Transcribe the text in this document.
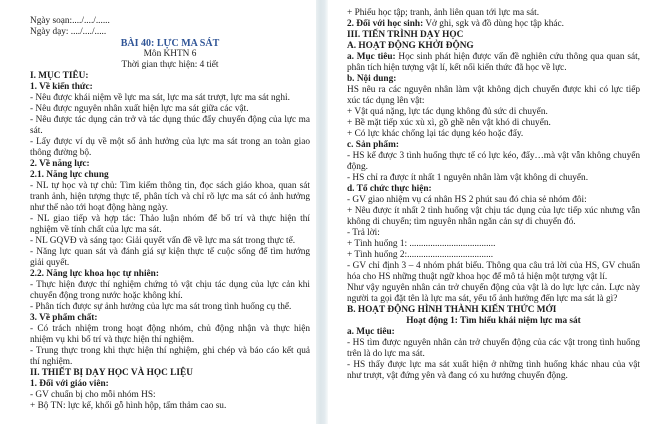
Ngày soạn:..../..../......

Ngày dạy: ..../..../.....

BÀI 40: LỰC MA SÁT

Môn KHTN 6

Thời gian thực hiện: 4 tiết

I. MỤC TIÊU:

1. Về kiến thức:

- Nêu được khái niệm về lực ma sát, lực ma sát trượt, lực ma sát nghỉ.

- Nêu được nguyên nhân xuất hiện lực ma sát giữa các vật.

- Nêu được tác dụng cản trở và tác dụng thúc đẩy chuyển động của lực ma sát.

- Lấy được ví dụ về một số ảnh hưởng của lực ma sát trong an toàn giao thông đường bộ.

2. Về năng lực:

2.1. Năng lực chung

- NL tự học và tự chủ: Tìm kiếm thông tin, đọc sách giáo khoa, quan sát tranh ảnh, hiện tượng thực tế, phân tích và chỉ rõ lực ma sát có ảnh hưởng như thế nào tới hoạt động hàng ngày.

- NL giao tiếp và hợp tác: Thảo luận nhóm để bố trí và thực hiện thí nghiệm về tính chất của lực ma sát.

- NL GQVĐ và sáng tạo: Giải quyết vấn đề về lực ma sát trong thực tế.

- Năng lực quan sát và đánh giá sự kiện thực tế cuộc sống để tìm hướng giải quyết.

2.2. Năng lực khoa học tự nhiên:

- Thực hiện được thí nghiệm chứng tỏ vật chịu tác dụng của lực cản khi chuyển động trong nước hoặc không khí.

- Phân tích được sự ảnh hưởng của lực ma sát trong tình huống cụ thể.

3. Về phẩm chất:

- Có trách nhiệm trong hoạt động nhóm, chủ động nhận và thực hiện nhiệm vụ khi bố trí và thực hiện thí nghiệm.

- Trung thực trong khi thực hiện thí nghiệm, ghi chép và báo cáo kết quả thí nghiệm.

II. THIẾT BỊ DẠY HỌC VÀ HỌC LIỆU

1. Đối với giáo viên:

- GV chuẩn bị cho mỗi nhóm HS:

+ Bộ TN: lực kế, khối gỗ hình hộp, tấm thảm cao su.

+ Phiếu học tập; tranh, ảnh liên quan tới lực ma sát.

2. Đối với học sinh: Vở ghi, sgk và đồ dùng học tập khác.

III. TIẾN TRÌNH DẠY HỌC

A. HOẠT ĐỘNG KHỞI ĐỘNG

a. Mục tiêu: Học sinh phát hiện được vấn đề nghiên cứu thông qua quan sát, phân tích hiện tượng vật lí, kết nối kiến thức đã học về lực.

b. Nội dung:

HS nêu ra các nguyên nhân làm vật không dịch chuyển được khi có lực tiếp xúc tác dụng lên vật:

+ Vật quá nặng, lực tác dụng không đủ sức di chuyển.

+ Bề mặt tiếp xúc xù xì, gồ ghề nên vật khó di chuyển.

+ Có lực khác chống lại tác dụng kéo hoặc đẩy.

c. Sản phẩm:

- HS kể được 3 tình huống thực tế có lực kéo, đẩy…mà vật vẫn không chuyển động.

- HS chỉ ra được ít nhất 1 nguyên nhân làm vật không di chuyển.

d. Tổ chức thực hiện:

- GV giao nhiệm vụ cá nhân HS 2 phút sau đó chia sẻ nhóm đôi:

+ Nêu được ít nhất 2 tình huống vật chịu tác dụng của lực tiếp xúc nhưng vẫn không di chuyển; tìm nguyên nhân ngăn cản sự di chuyển đó.

- Trả lời:

+ Tình huống 1: .....................................

+ Tình huống 2:.....................................

- GV chỉ định 3 – 4 nhóm phát biểu. Thông qua câu trả lời của HS, GV chuẩn hóa cho HS những thuật ngữ khoa học để mô tả hiện một tượng vật lí.

Như vậy nguyên nhân cản trở chuyển động của vật là do lực lực cản. Lực này người ta gọi đặt tên là lực ma sát, yếu tố ảnh hưởng đến lực ma sát là gì?

B. HOẠT ĐỘNG HÌNH THÀNH KIẾN THỨC MỚI

Hoạt động 1: Tìm hiểu khái niệm lực ma sát

a. Mục tiêu:

- HS tìm được nguyên nhân cản trở chuyển động của các vật trong tình huống trên là do lực ma sát.

- HS thấy được lực ma sát xuất hiện ở những tình huống khác nhau của vật như trượt, vật đứng yên và đang có xu hướng chuyển động.
